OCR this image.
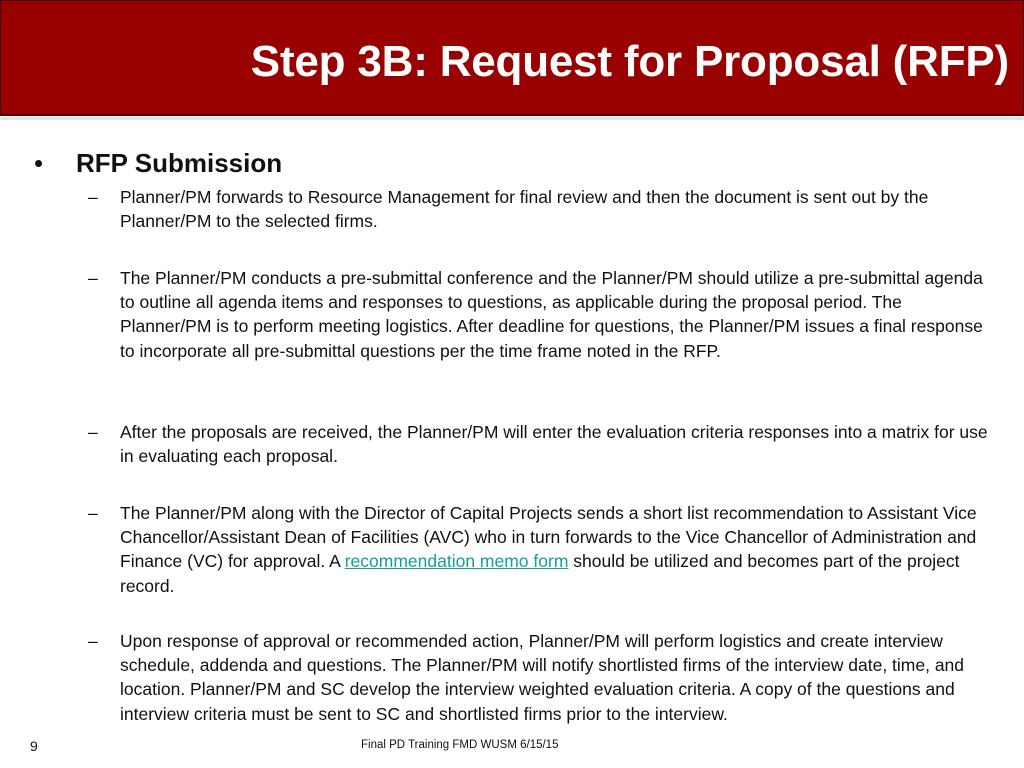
Step 3B: Request for Proposal (RFP)
• RFP Submission
– Planner/PM forwards to Resource Management for final review and then the document is sent out by the Planner/PM to the selected firms.
– The Planner/PM conducts a pre-submittal conference and the Planner/PM should utilize a pre-submittal agenda to outline all agenda items and responses to questions, as applicable during the proposal period. The Planner/PM is to perform meeting logistics. After deadline for questions, the Planner/PM issues a final response to incorporate all pre-submittal questions per the time frame noted in the RFP.
– After the proposals are received, the Planner/PM will enter the evaluation criteria responses into a matrix for use in evaluating each proposal.
– The Planner/PM along with the Director of Capital Projects sends a short list recommendation to Assistant Vice Chancellor/Assistant Dean of Facilities (AVC) who in turn forwards to the Vice Chancellor of Administration and Finance (VC) for approval. A recommendation memo form should be utilized and becomes part of the project record.
– Upon response of approval or recommended action, Planner/PM will perform logistics and create interview schedule, addenda and questions. The Planner/PM will notify shortlisted firms of the interview date, time, and location. Planner/PM and SC develop the interview weighted evaluation criteria. A copy of the questions and interview criteria must be sent to SC and shortlisted firms prior to the interview.
9	Final PD Training FMD WUSM 6/15/15
